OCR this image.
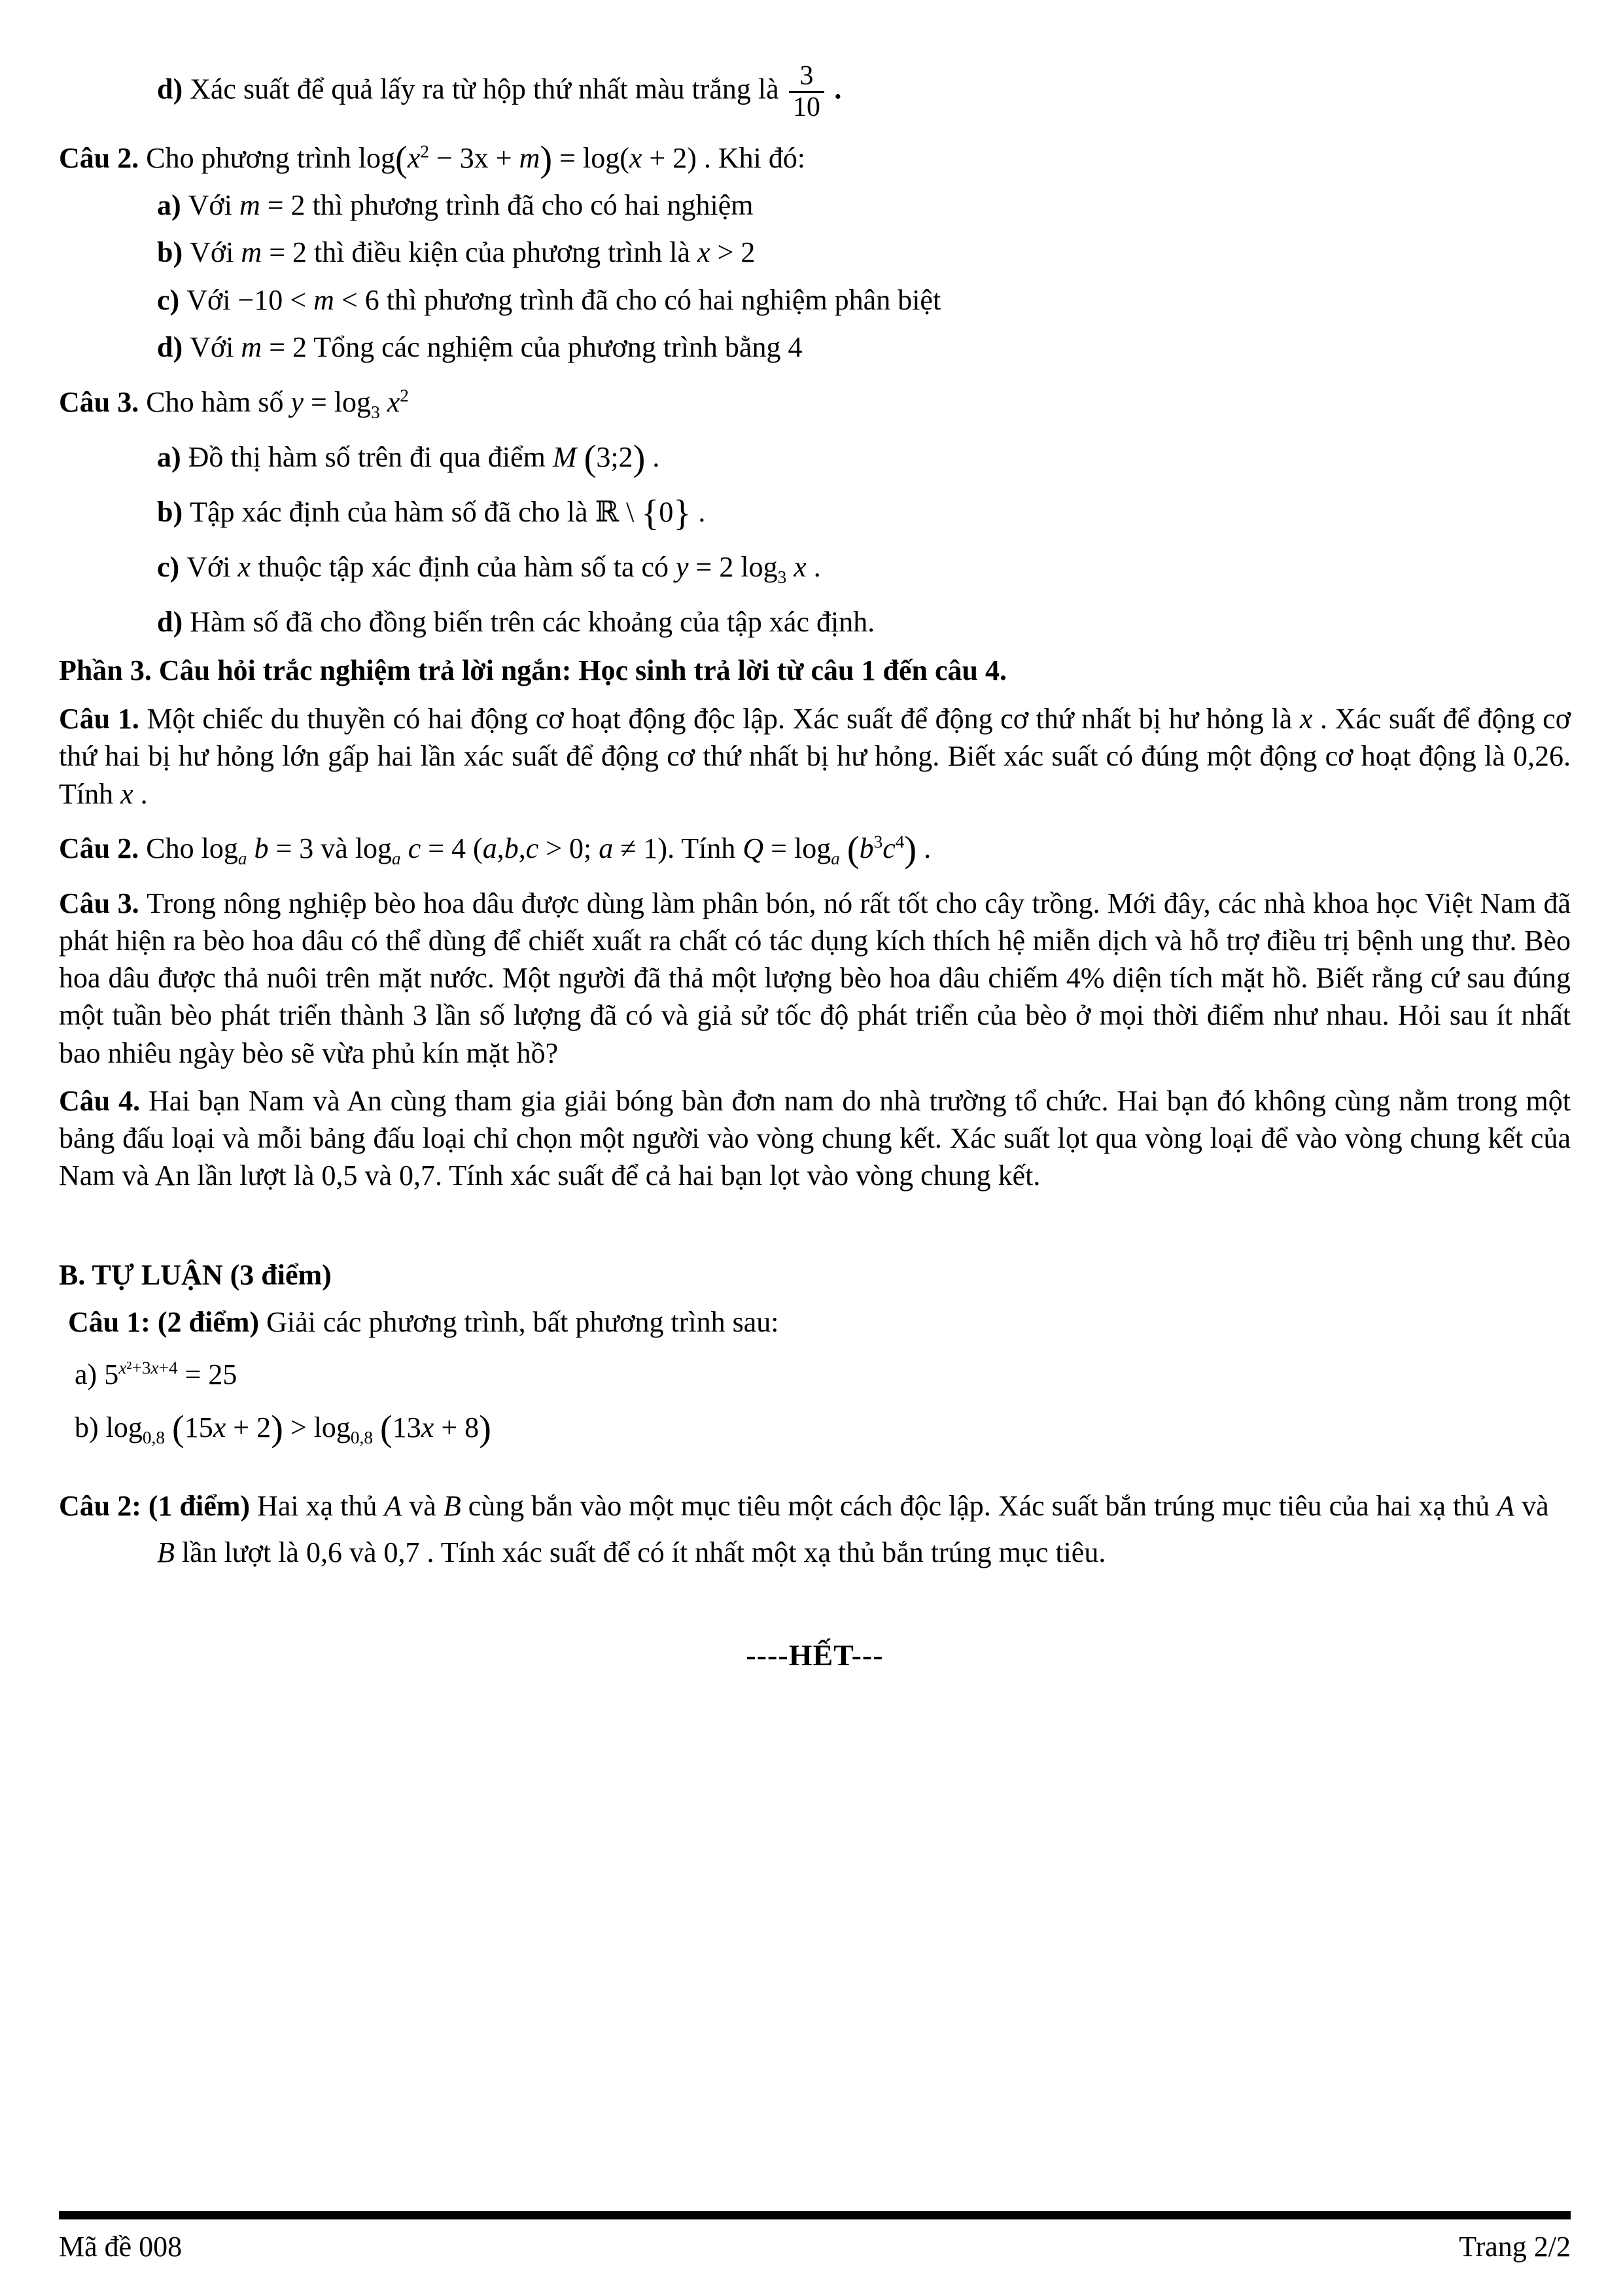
d) Xác suất để quả lấy ra từ hộp thứ nhất màu trắng là $\frac{3}{10}$ .
Câu 2. Cho phương trình $\log(x^2 - 3x + m) = \log(x + 2)$ . Khi đó:
a) Với m = 2 thì phương trình đã cho có hai nghiệm
b) Với m = 2 thì điều kiện của phương trình là x > 2
c) Với −10 < m < 6 thì phương trình đã cho có hai nghiệm phân biệt
d) Với m = 2 Tổng các nghiệm của phương trình bằng 4
Câu 3. Cho hàm số $y = \log_3 x^2$
a) Đồ thị hàm số trên đi qua điểm M (3;2) .
b) Tập xác định của hàm số đã cho là ℝ \ {0} .
c) Với x thuộc tập xác định của hàm số ta có y = 2 $\log_3 x$ .
d) Hàm số đã cho đồng biến trên các khoảng của tập xác định.
Phần 3. Câu hỏi trắc nghiệm trả lời ngắn: Học sinh trả lời từ câu 1 đến câu 4.
Câu 1. Một chiếc du thuyền có hai động cơ hoạt động độc lập. Xác suất để động cơ thứ nhất bị hư hỏng là x . Xác suất để động cơ thứ hai bị hư hỏng lớn gấp hai lần xác suất để động cơ thứ nhất bị hư hỏng. Biết xác suất có đúng một động cơ hoạt động là 0,26. Tính x .
Câu 2. Cho $\log_a b = 3$ và $\log_a c = 4$ (a,b,c > 0; a ≠ 1). Tính $Q = \log_a (b^3c^4)$ .
Câu 3. Trong nông nghiệp bèo hoa dâu được dùng làm phân bón, nó rất tốt cho cây trồng. Mới đây, các nhà khoa học Việt Nam đã phát hiện ra bèo hoa dâu có thể dùng để chiết xuất ra chất có tác dụng kích thích hệ miễn dịch và hỗ trợ điều trị bệnh ung thư. Bèo hoa dâu được thả nuôi trên mặt nước. Một người đã thả một lượng bèo hoa dâu chiếm 4% diện tích mặt hồ. Biết rằng cứ sau đúng một tuần bèo phát triển thành 3 lần số lượng đã có và giả sử tốc độ phát triển của bèo ở mọi thời điểm như nhau. Hỏi sau ít nhất bao nhiêu ngày bèo sẽ vừa phủ kín mặt hồ?
Câu 4. Hai bạn Nam và An cùng tham gia giải bóng bàn đơn nam do nhà trường tổ chức. Hai bạn đó không cùng nằm trong một bảng đấu loại và mỗi bảng đấu loại chỉ chọn một người vào vòng chung kết. Xác suất lọt qua vòng loại để vào vòng chung kết của Nam và An lần lượt là 0,5 và 0,7. Tính xác suất để cả hai bạn lọt vào vòng chung kết.
B. TỰ LUẬN (3 điểm)
Câu 1: (2 điểm) Giải các phương trình, bất phương trình sau:
a) $5^{x^2+3x+4} = 25$
b) $\log_{0,8} (15x + 2) > \log_{0,8} (13x + 8)$
Câu 2: (1 điểm) Hai xạ thủ A và B cùng bắn vào một mục tiêu một cách độc lập. Xác suất bắn trúng mục tiêu của hai xạ thủ A và B lần lượt là 0,6 và 0,7 . Tính xác suất để có ít nhất một xạ thủ bắn trúng mục tiêu.
----HẾT---
Mã đề 008	Trang 2/2
